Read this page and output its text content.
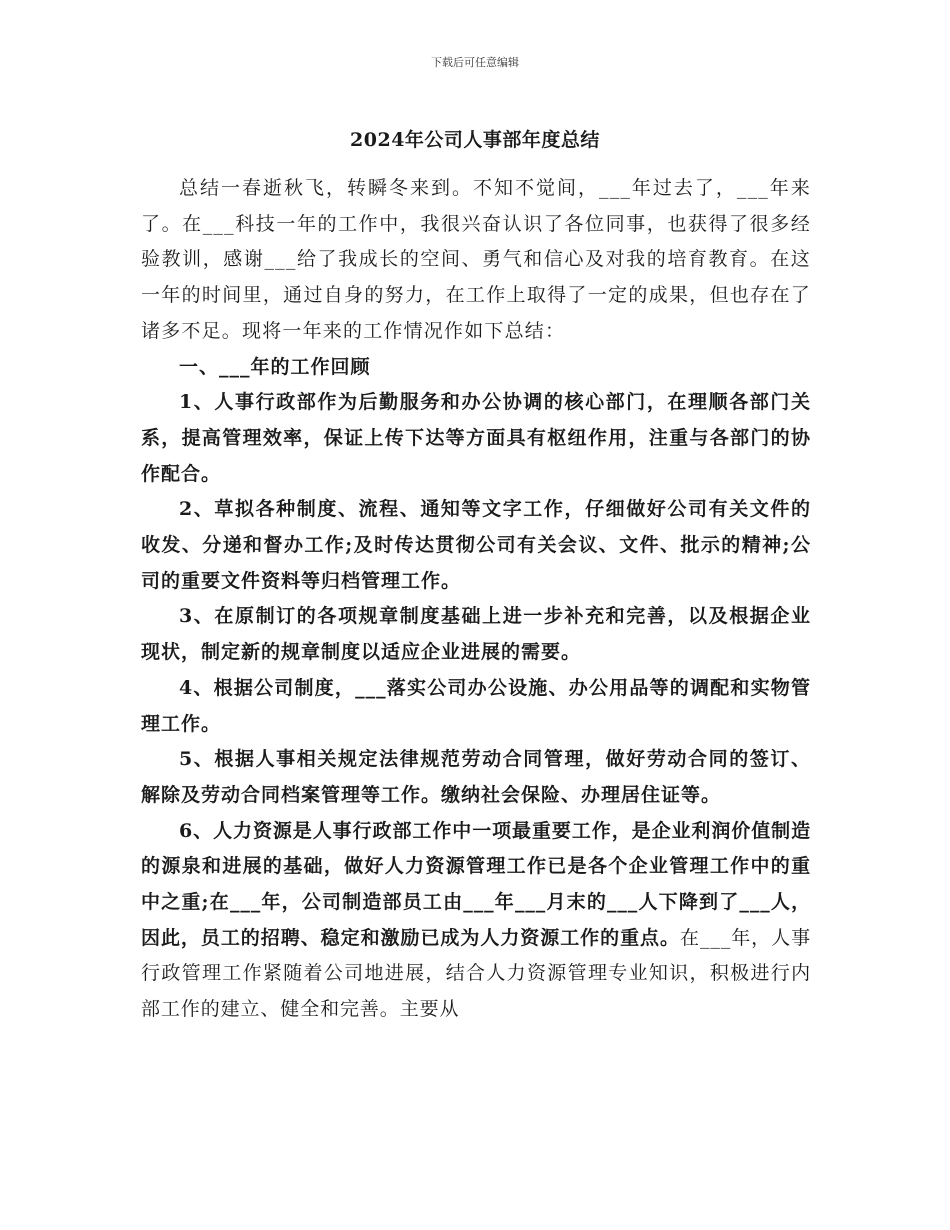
下载后可任意编辑
2024年公司人事部年度总结

总结一春逝秋飞，转瞬冬来到。不知不觉间，___年过去了，___年来了。在___科技一年的工作中，我很兴奋认识了各位同事，也获得了很多经验教训，感谢___给了我成长的空间、勇气和信心及对我的培育教育。在这一年的时间里，通过自身的努力，在工作上取得了一定的成果，但也存在了诸多不足。现将一年来的工作情况作如下总结：

一、___年的工作回顾

1、人事行政部作为后勤服务和办公协调的核心部门，在理顺各部门关系，提高管理效率，保证上传下达等方面具有枢纽作用，注重与各部门的协作配合。

2、草拟各种制度、流程、通知等文字工作，仔细做好公司有关文件的收发、分递和督办工作;及时传达贯彻公司有关会议、文件、批示的精神;公司的重要文件资料等归档管理工作。

3、在原制订的各项规章制度基础上进一步补充和完善，以及根据企业现状，制定新的规章制度以适应企业进展的需要。

4、根据公司制度，___落实公司办公设施、办公用品等的调配和实物管理工作。

5、根据人事相关规定法律规范劳动合同管理，做好劳动合同的签订、解除及劳动合同档案管理等工作。缴纳社会保险、办理居住证等。

6、人力资源是人事行政部工作中一项最重要工作，是企业利润价值制造的源泉和进展的基础，做好人力资源管理工作已是各个企业管理工作中的重中之重;在___年，公司制造部员工由___年___月末的___人下降到了___人，因此，员工的招聘、稳定和激励已成为人力资源工作的重点。在___年，人事行政管理工作紧随着公司地进展，结合人力资源管理专业知识，积极进行内部工作的建立、健全和完善。主要从
